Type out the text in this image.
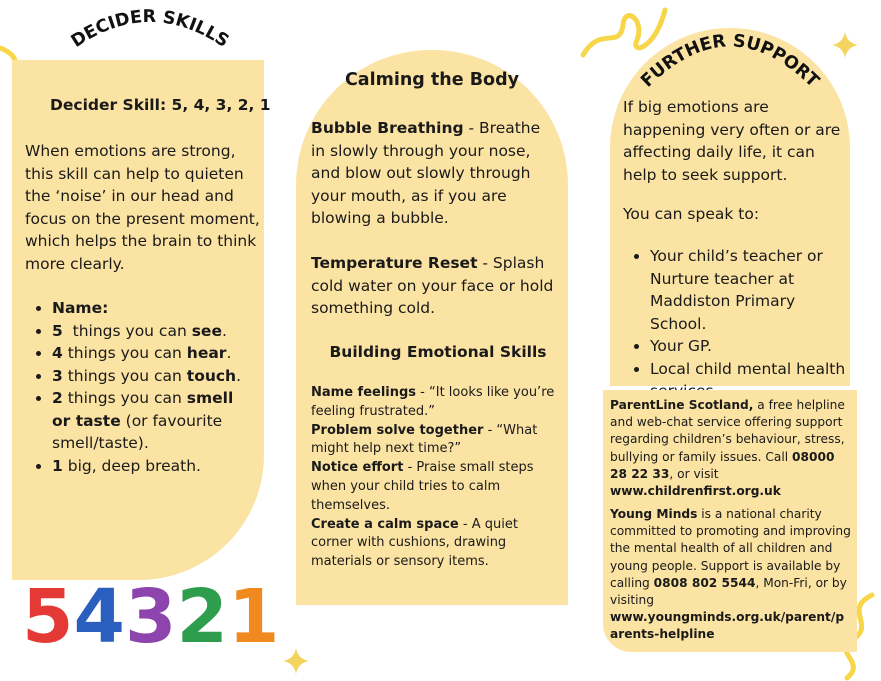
DECIDER SKILLS

Decider Skill: 5, 4, 3, 2, 1

When emotions are strong, this skill can help to quieten the ‘noise’ in our head and focus on the present moment, which helps the brain to think more clearly.

• Name:
• 5  things you can see.
• 4 things you can hear.
• 3 things you can touch.
• 2 things you can smell or taste (or favourite smell/taste).
• 1 big, deep breath.
54321

Calming the Body

Bubble Breathing - Breathe in slowly through your nose, and blow out slowly through your mouth, as if you are blowing a bubble.

Temperature Reset - Splash cold water on your face or hold something cold.

Building Emotional Skills

Name feelings - “It looks like you’re feeling frustrated.”
Problem solve together - “What might help next time?”
Notice effort - Praise small steps when your child tries to calm themselves.
Create a calm space - A quiet corner with cushions, drawing materials or sensory items.
FURTHER SUPPORT

If big emotions are happening very often or are affecting daily life, it can help to seek support.

You can speak to:

• Your child’s teacher or Nurture teacher at Maddiston Primary School.
• Your GP.
• Local child mental health

ParentLine Scotland, a free helpline and web-chat service offering support regarding children’s behaviour, stress, bullying or family issues. Call 08000 28 22 33, or visit www.childrenfirst.org.uk

Young Minds is a national charity committed to promoting and improving the mental health of all children and young people. Support is available by calling 0808 802 5544, Mon-Fri, or by visiting www.youngminds.org.uk/parent/parents-helpline
